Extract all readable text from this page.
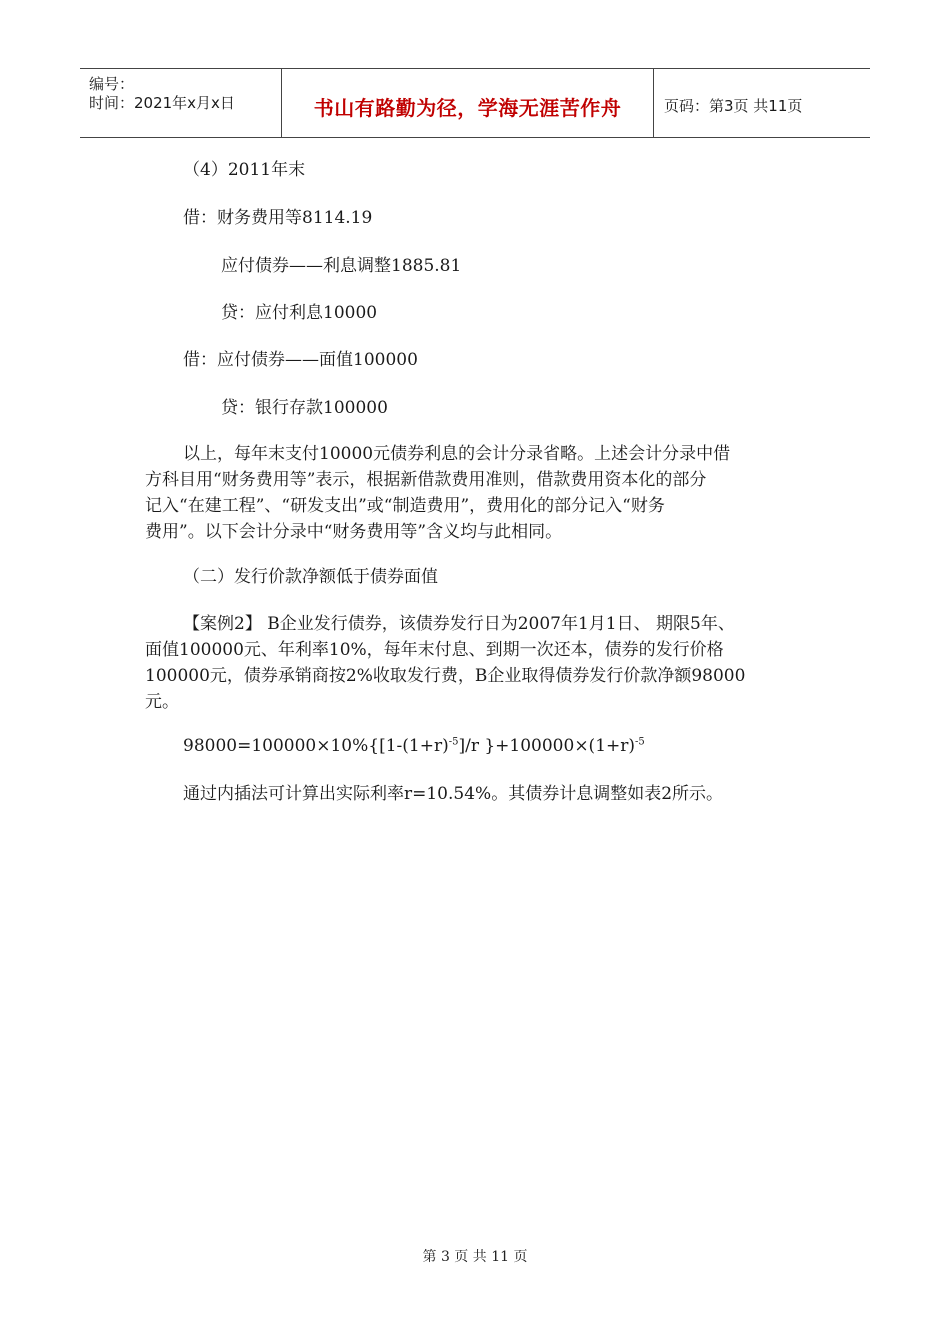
编号：
时间：2021年x月x日	书山有路勤为径，学海无涯苦作舟	页码：第3页 共11页
（4）2011年末
借：财务费用等8114.19
应付债券——利息调整1885.81
贷：应付利息10000
借：应付债券——面值100000
贷：银行存款100000

以上，每年末支付10000元债券利息的会计分录省略。上述会计分录中借

方科目用“财务费用等”表示，根据新借款费用准则，借款费用资本化的部分

记入“在建工程”、“研发支出”或“制造费用”，费用化的部分记入“财务

费用”。以下会计分录中“财务费用等”含义均与此相同。

（二）发行价款净额低于债券面值

【案例2】 B企业发行债券，该债券发行日为2007年1月1日、 期限5年、

面值100000元、年利率10%，每年末付息、到期一次还本，债券的发行价格

100000元，债券承销商按2%收取发行费，B企业取得债券发行价款净额98000

元。

$98000=100000\times 10\%\{[1-(1+r)^{-5}]/r$ }$+100000\times(1+r)^{-5}$
通过内插法可计算出实际利率r=10.54%。其债券计息调整如表2所示。
第 3 页 共 11 页
